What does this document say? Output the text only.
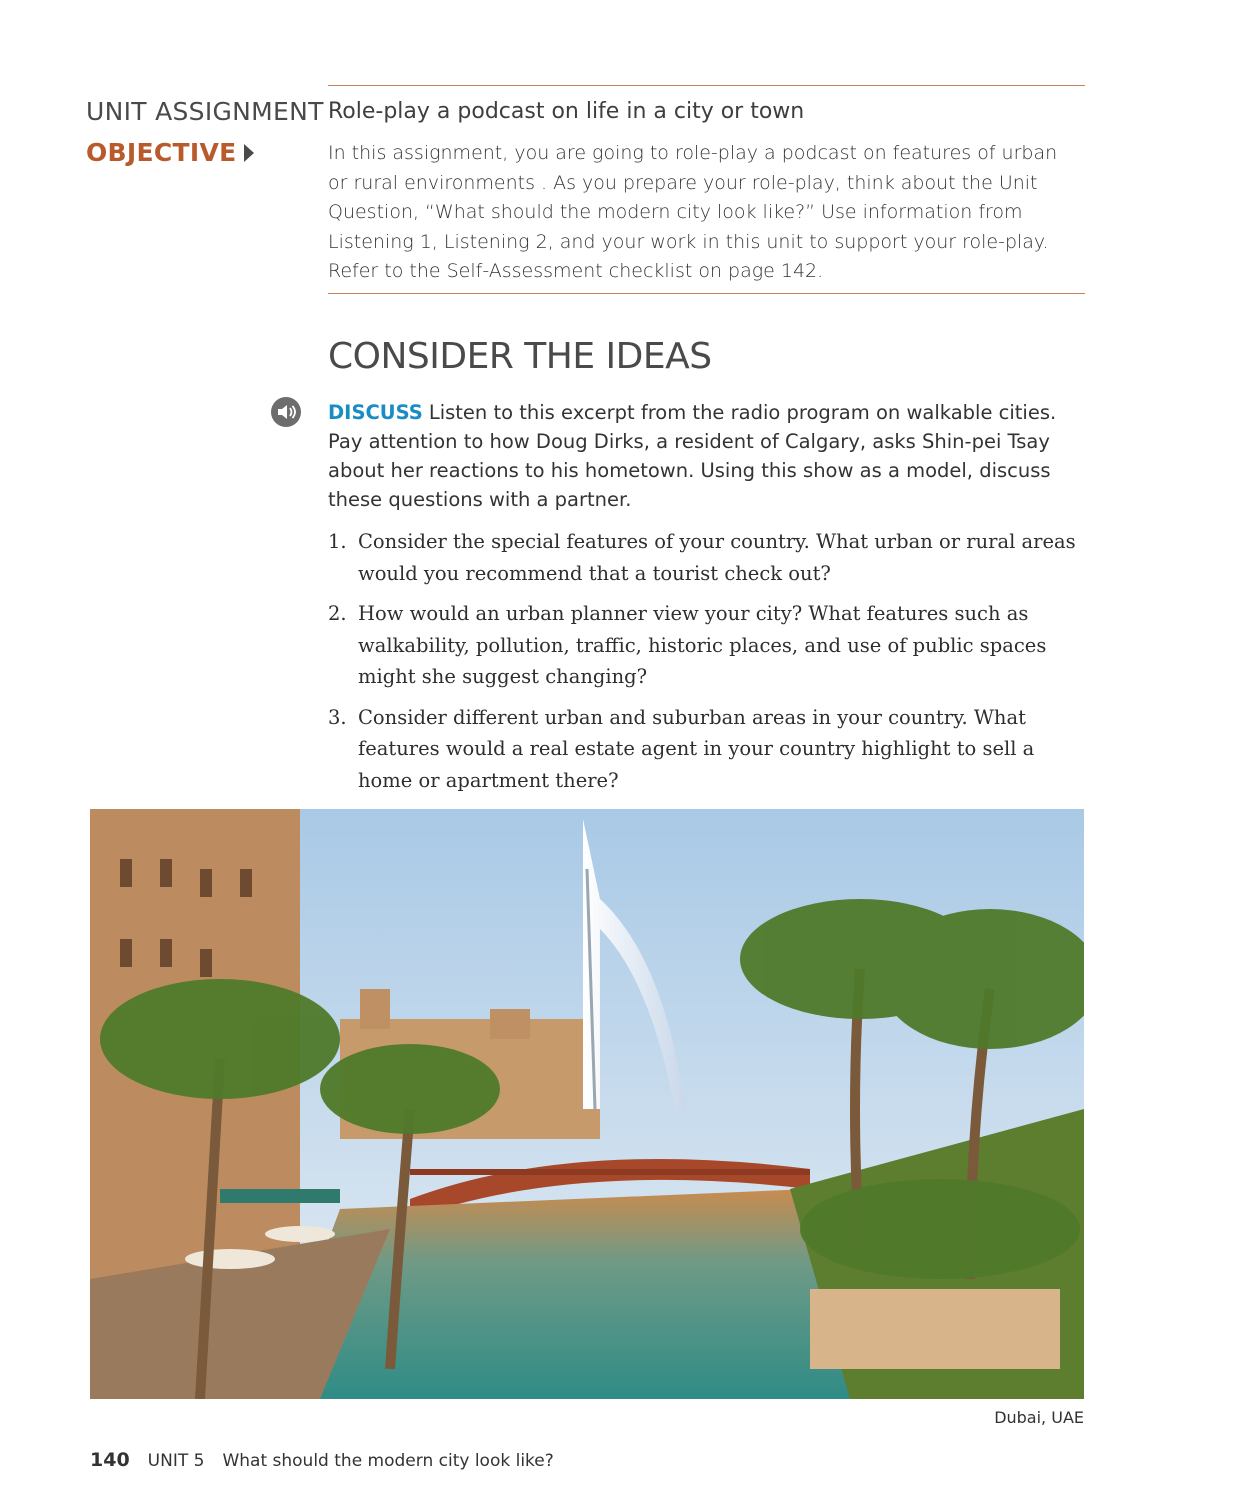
UNIT ASSIGNMENT
OBJECTIVE
Role-play a podcast on life in a city or town
In this assignment, you are going to role-play a podcast on features of urban or rural environments . As you prepare your role-play, think about the Unit Question, “What should the modern city look like?” Use information from Listening 1, Listening 2, and your work in this unit to support your role-play. Refer to the Self-Assessment checklist on page 142.
CONSIDER THE IDEAS
DISCUSS Listen to this excerpt from the radio program on walkable cities. Pay attention to how Doug Dirks, a resident of Calgary, asks Shin-pei Tsay about her reactions to his hometown. Using this show as a model, discuss these questions with a partner.
1. Consider the special features of your country. What urban or rural areas would you recommend that a tourist check out?
2. How would an urban planner view your city? What features such as walkability, pollution, traffic, historic places, and use of public spaces might she suggest changing?
3. Consider different urban and suburban areas in your country. What features would a real estate agent in your country highlight to sell a home or apartment there?
Dubai, UAE
140 UNIT 5 What should the modern city look like?
